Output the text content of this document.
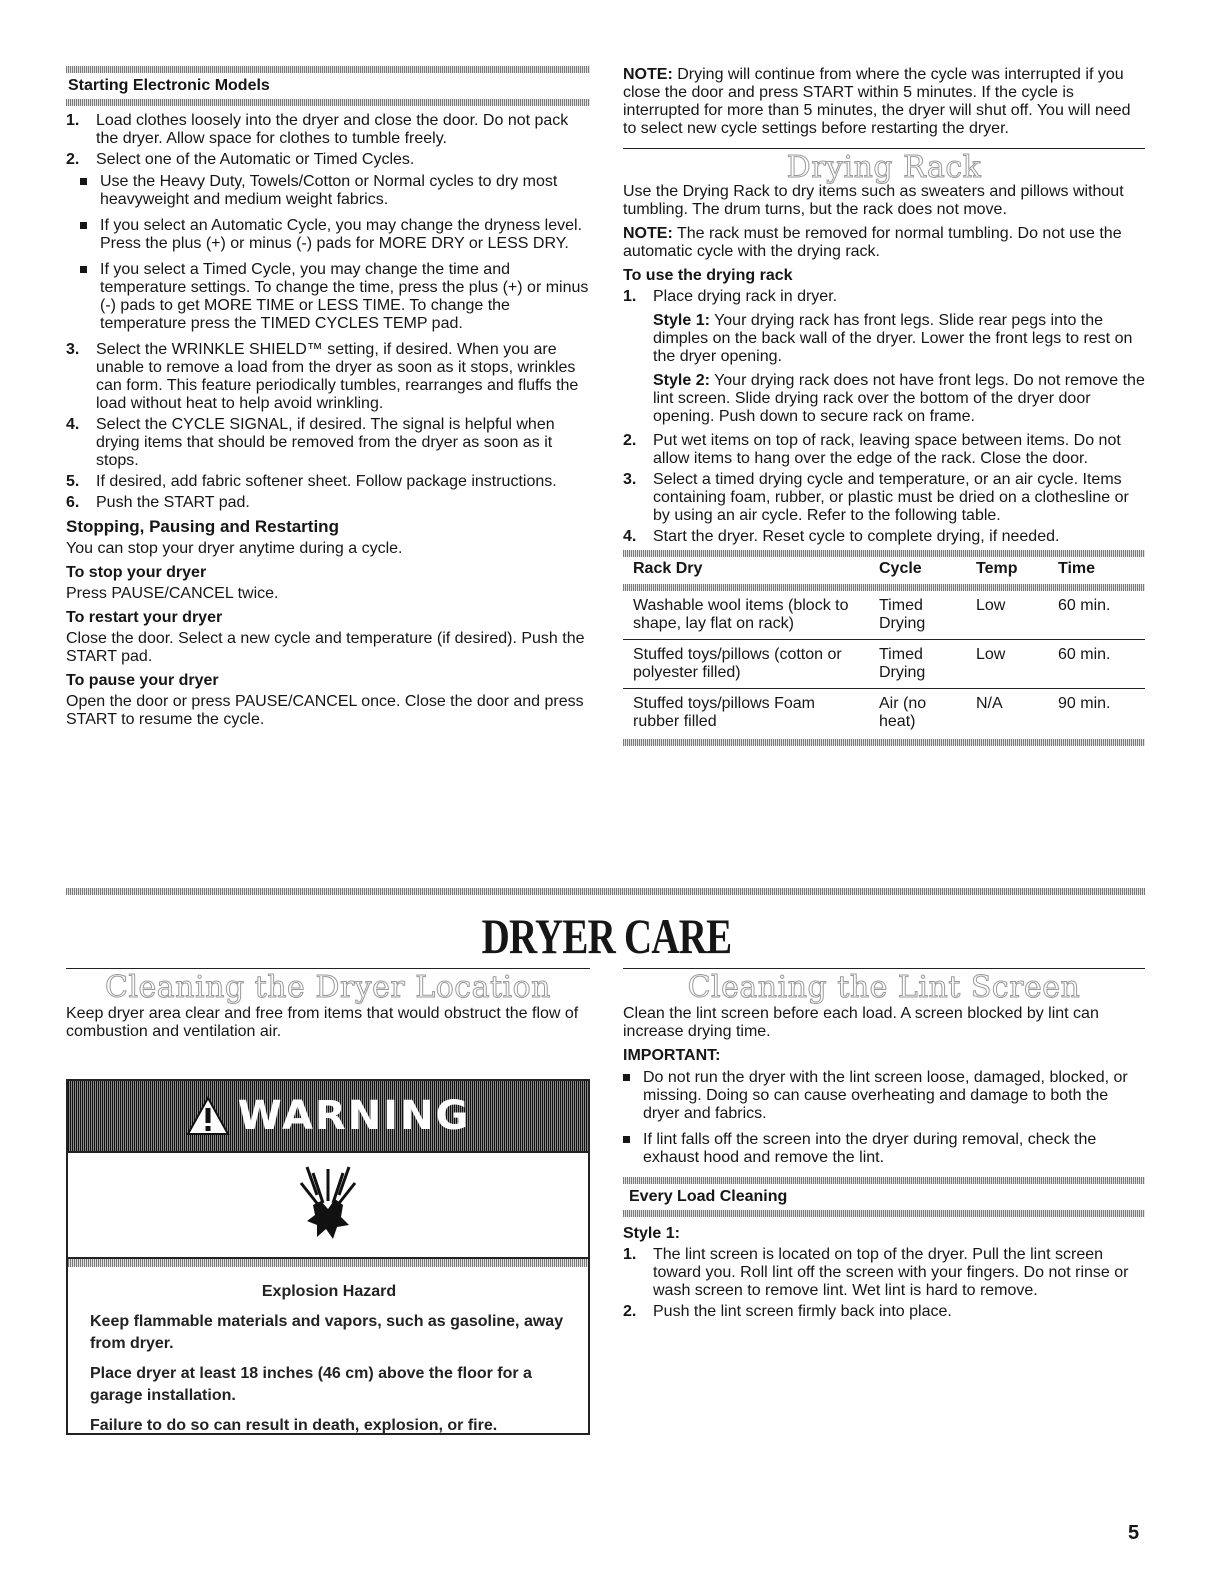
Starting Electronic Models
1. Load clothes loosely into the dryer and close the door. Do not pack the dryer. Allow space for clothes to tumble freely.
2. Select one of the Automatic or Timed Cycles.
Use the Heavy Duty, Towels/Cotton or Normal cycles to dry most heavyweight and medium weight fabrics.
If you select an Automatic Cycle, you may change the dryness level. Press the plus (+) or minus (-) pads for MORE DRY or LESS DRY.
If you select a Timed Cycle, you may change the time and temperature settings. To change the time, press the plus (+) or minus (-) pads to get MORE TIME or LESS TIME. To change the temperature press the TIMED CYCLES TEMP pad.
3. Select the WRINKLE SHIELD™ setting, if desired. When you are unable to remove a load from the dryer as soon as it stops, wrinkles can form. This feature periodically tumbles, rearranges and fluffs the load without heat to help avoid wrinkling.
4. Select the CYCLE SIGNAL, if desired. The signal is helpful when drying items that should be removed from the dryer as soon as it stops.
5. If desired, add fabric softener sheet. Follow package instructions.
6. Push the START pad.
Stopping, Pausing and Restarting

You can stop your dryer anytime during a cycle.

To stop your dryer

Press PAUSE/CANCEL twice.

To restart your dryer

Close the door. Select a new cycle and temperature (if desired). Push the START pad.

To pause your dryer

Open the door or press PAUSE/CANCEL once. Close the door and press START to resume the cycle.

NOTE: Drying will continue from where the cycle was interrupted if you close the door and press START within 5 minutes. If the cycle is interrupted for more than 5 minutes, the dryer will shut off. You will need to select new cycle settings before restarting the dryer.

Drying Rack

Use the Drying Rack to dry items such as sweaters and pillows without tumbling. The drum turns, but the rack does not move.

NOTE: The rack must be removed for normal tumbling. Do not use the automatic cycle with the drying rack.

To use the drying rack
1. Place drying rack in dryer.

Style 1: Your drying rack has front legs. Slide rear pegs into the dimples on the back wall of the dryer. Lower the front legs to rest on the dryer opening.

Style 2: Your drying rack does not have front legs. Do not remove the lint screen. Slide drying rack over the bottom of the dryer door opening. Push down to secure rack on frame.

2. Put wet items on top of rack, leaving space between items. Do not allow items to hang over the edge of the rack. Close the door.
3. Select a timed drying cycle and temperature, or an air cycle. Items containing foam, rubber, or plastic must be dried on a clothesline or by using an air cycle. Refer to the following table.
4. Start the dryer. Reset cycle to complete drying, if needed.
Rack Dry	Cycle	Temp	Time

Washable wool items (block to shape, lay flat on rack)	Timed Drying	Low	60 min.
Stuffed toys/pillows (cotton or polyester filled)	Timed Drying	Low	60 min.
Stuffed toys/pillows Foam rubber filled	Air (no heat)	N/A	90 min.
DRYER CARE
Cleaning the Dryer Location

Keep dryer area clear and free from items that would obstruct the flow of combustion and ventilation air.

WARNING
Explosion Hazard
Keep flammable materials and vapors, such as gasoline, away from dryer.
Place dryer at least 18 inches (46 cm) above the floor for a garage installation.
Failure to do so can result in death, explosion, or fire.
Cleaning the Lint Screen

Clean the lint screen before each load. A screen blocked by lint can increase drying time.

IMPORTANT:
Do not run the dryer with the lint screen loose, damaged, blocked, or missing. Doing so can cause overheating and damage to both the dryer and fabrics.
If lint falls off the screen into the dryer during removal, check the exhaust hood and remove the lint.
Every Load Cleaning
Style 1:
1. The lint screen is located on top of the dryer. Pull the lint screen toward you. Roll lint off the screen with your fingers. Do not rinse or wash screen to remove lint. Wet lint is hard to remove.
2. Push the lint screen firmly back into place.
5
